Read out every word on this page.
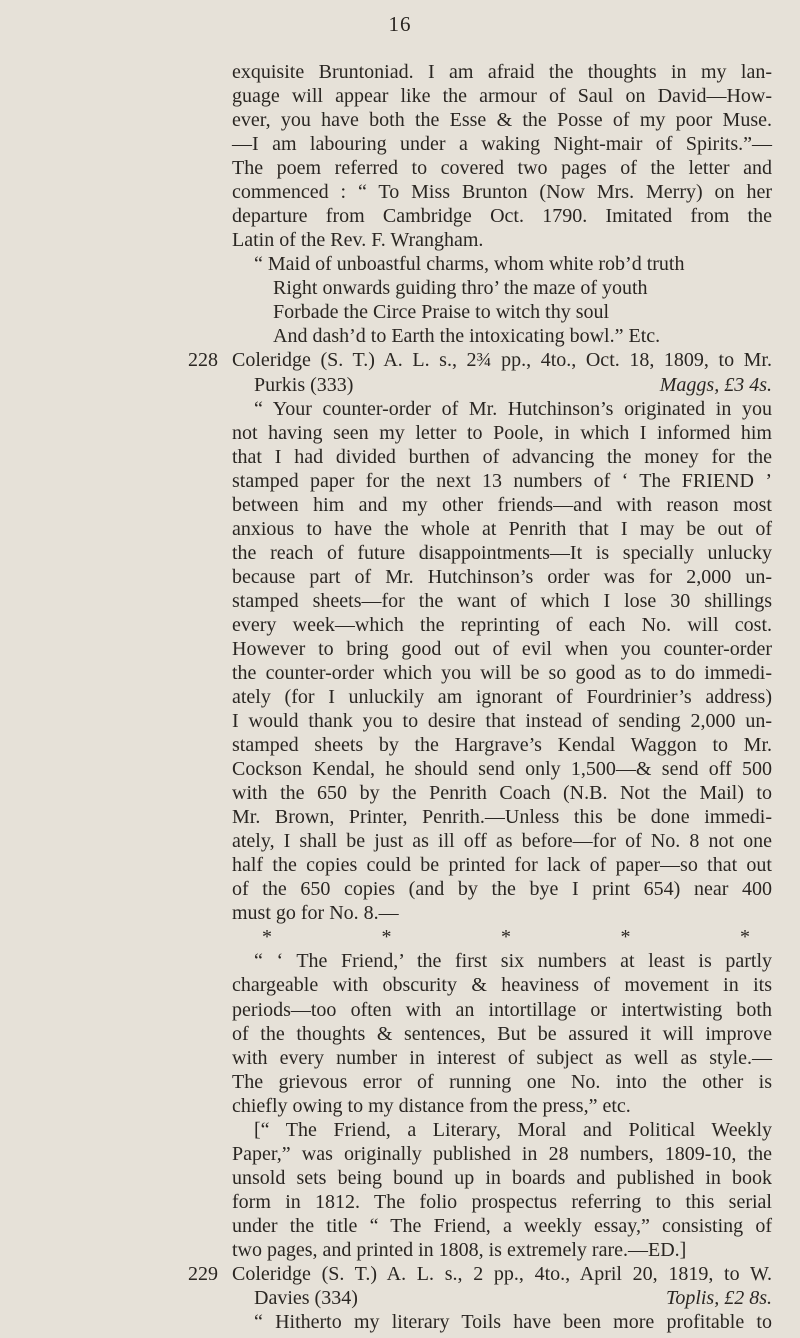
16
exquisite Bruntoniad. I am afraid the thoughts in my lan-
guage will appear like the armour of Saul on David—How-
ever, you have both the Esse & the Posse of my poor Muse.
—I am labouring under a waking Night-mair of Spirits.”—
The poem referred to covered two pages of the letter and
commenced : “ To Miss Brunton (Now Mrs. Merry) on her
departure from Cambridge Oct. 1790. Imitated from the
Latin of the Rev. F. Wrangham.
“ Maid of unboastful charms, whom white rob’d truth
Right onwards guiding thro’ the maze of youth
Forbade the Circe Praise to witch thy soul
And dash’d to Earth the intoxicating bowl.” Etc.
228 Coleridge (S. T.) A. L. s., 2¾ pp., 4to., Oct. 18, 1809, to Mr.
Purkis (333)	Maggs, £3 4s.
“ Your counter-order of Mr. Hutchinson’s originated in you
not having seen my letter to Poole, in which I informed him
that I had divided burthen of advancing the money for the
stamped paper for the next 13 numbers of ‘ The FRIEND ’
between him and my other friends—and with reason most
anxious to have the whole at Penrith that I may be out of
the reach of future disappointments—It is specially unlucky
because part of Mr. Hutchinson’s order was for 2,000 un-
stamped sheets—for the want of which I lose 30 shillings
every week—which the reprinting of each No. will cost.
However to bring good out of evil when you counter-order
the counter-order which you will be so good as to do immedi-
ately (for I unluckily am ignorant of Fourdrinier’s address)
I would thank you to desire that instead of sending 2,000 un-
stamped sheets by the Hargrave’s Kendal Waggon to Mr.
Cockson Kendal, he should send only 1,500—& send off 500
with the 650 by the Penrith Coach (N.B. Not the Mail) to
Mr. Brown, Printer, Penrith.—Unless this be done immedi-
ately, I shall be just as ill off as before—for of No. 8 not one
half the copies could be printed for lack of paper—so that out
of the 650 copies (and by the bye I print 654) near 400
must go for No. 8.—
*	*	*	*	*
“ ‘ The Friend,’ the first six numbers at least is partly
chargeable with obscurity & heaviness of movement in its
periods—too often with an intortillage or intertwisting both
of the thoughts & sentences, But be assured it will improve
with every number in interest of subject as well as style.—
The grievous error of running one No. into the other is
chiefly owing to my distance from the press,” etc.
[“ The Friend, a Literary, Moral and Political Weekly
Paper,” was originally published in 28 numbers, 1809-10, the
unsold sets being bound up in boards and published in book
form in 1812. The folio prospectus referring to this serial
under the title “ The Friend, a weekly essay,” consisting of
two pages, and printed in 1808, is extremely rare.—ED.]
229 Coleridge (S. T.) A. L. s., 2 pp., 4to., April 20, 1819, to W.
Davies (334)	Toplis, £2 8s.
“ Hitherto my literary Toils have been more profitable to
